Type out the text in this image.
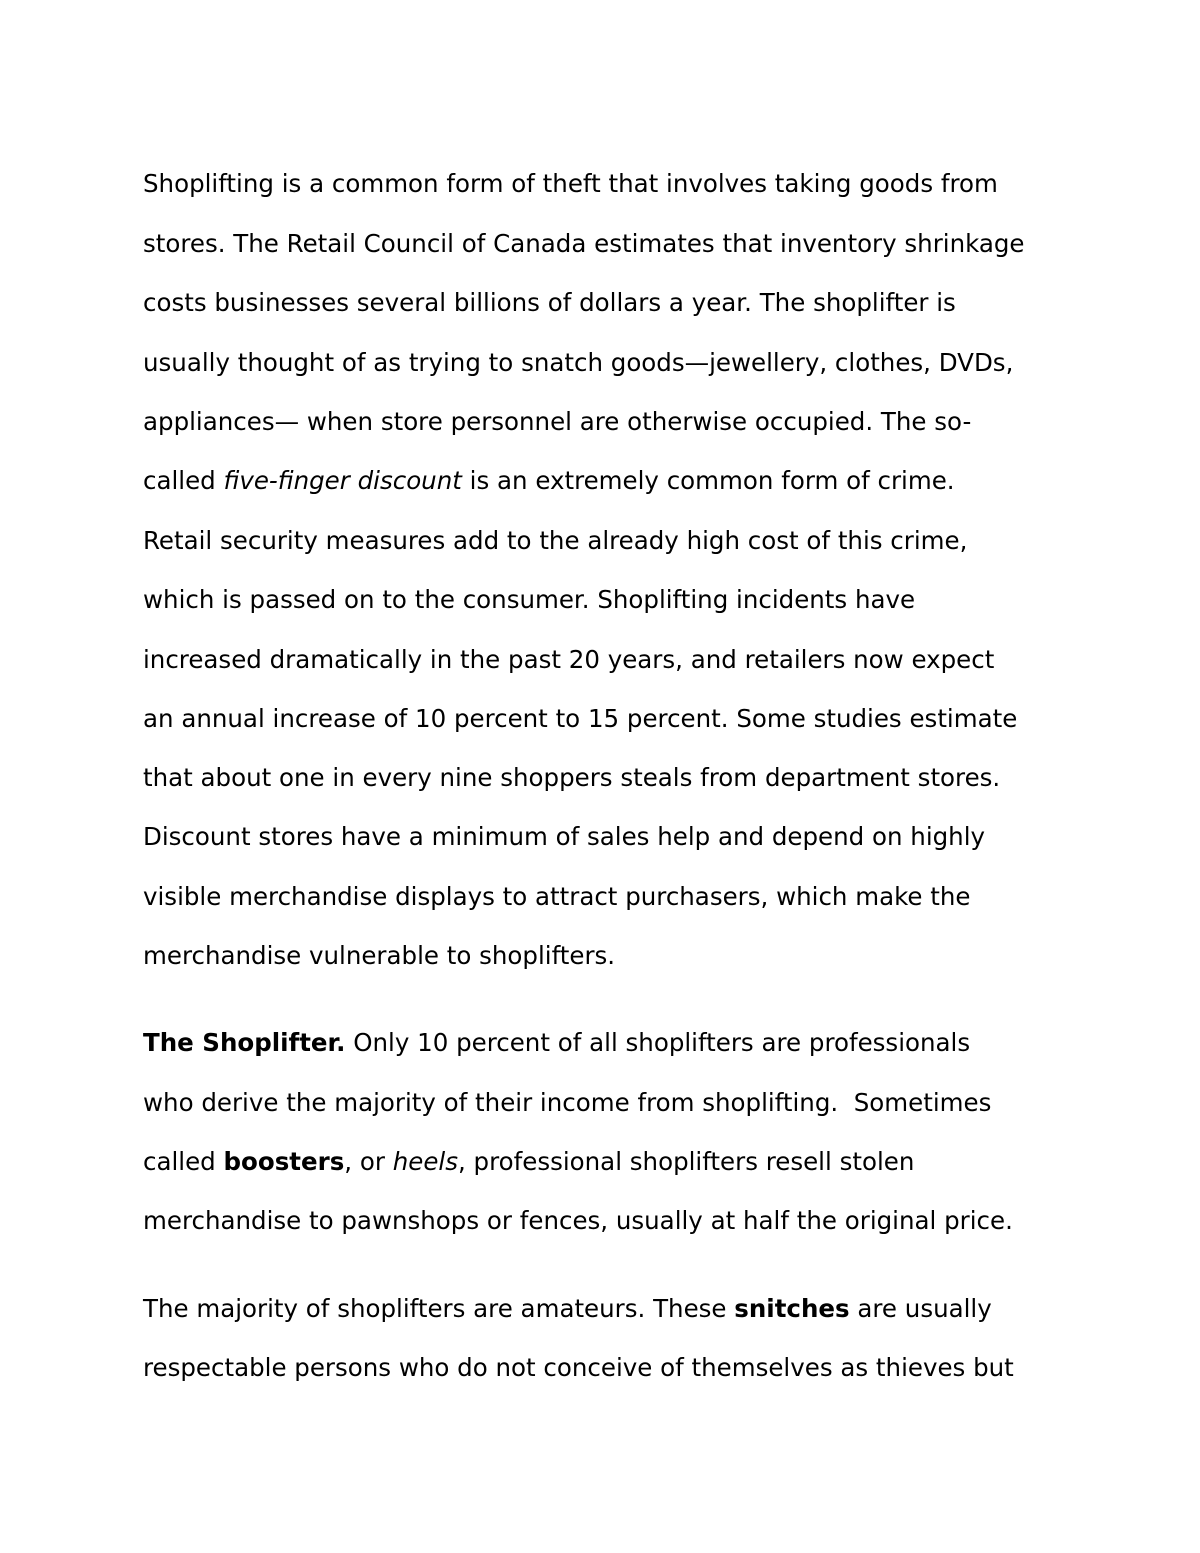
Shoplifting is a common form of theft that involves taking goods from
stores. The Retail Council of Canada estimates that inventory shrinkage
costs businesses several billions of dollars a year. The shoplifter is
usually thought of as trying to snatch goods—jewellery, clothes, DVDs,
appliances— when store personnel are otherwise occupied. The so-
called five-finger discount is an extremely common form of crime.
Retail security measures add to the already high cost of this crime,
which is passed on to the consumer. Shoplifting incidents have
increased dramatically in the past 20 years, and retailers now expect
an annual increase of 10 percent to 15 percent. Some studies estimate
that about one in every nine shoppers steals from department stores.
Discount stores have a minimum of sales help and depend on highly
visible merchandise displays to attract purchasers, which make the
merchandise vulnerable to shoplifters.
The Shoplifter. Only 10 percent of all shoplifters are professionals
who derive the majority of their income from shoplifting.  Sometimes
called boosters, or heels, professional shoplifters resell stolen
merchandise to pawnshops or fences, usually at half the original price.
The majority of shoplifters are amateurs. These snitches are usually
respectable persons who do not conceive of themselves as thieves but
